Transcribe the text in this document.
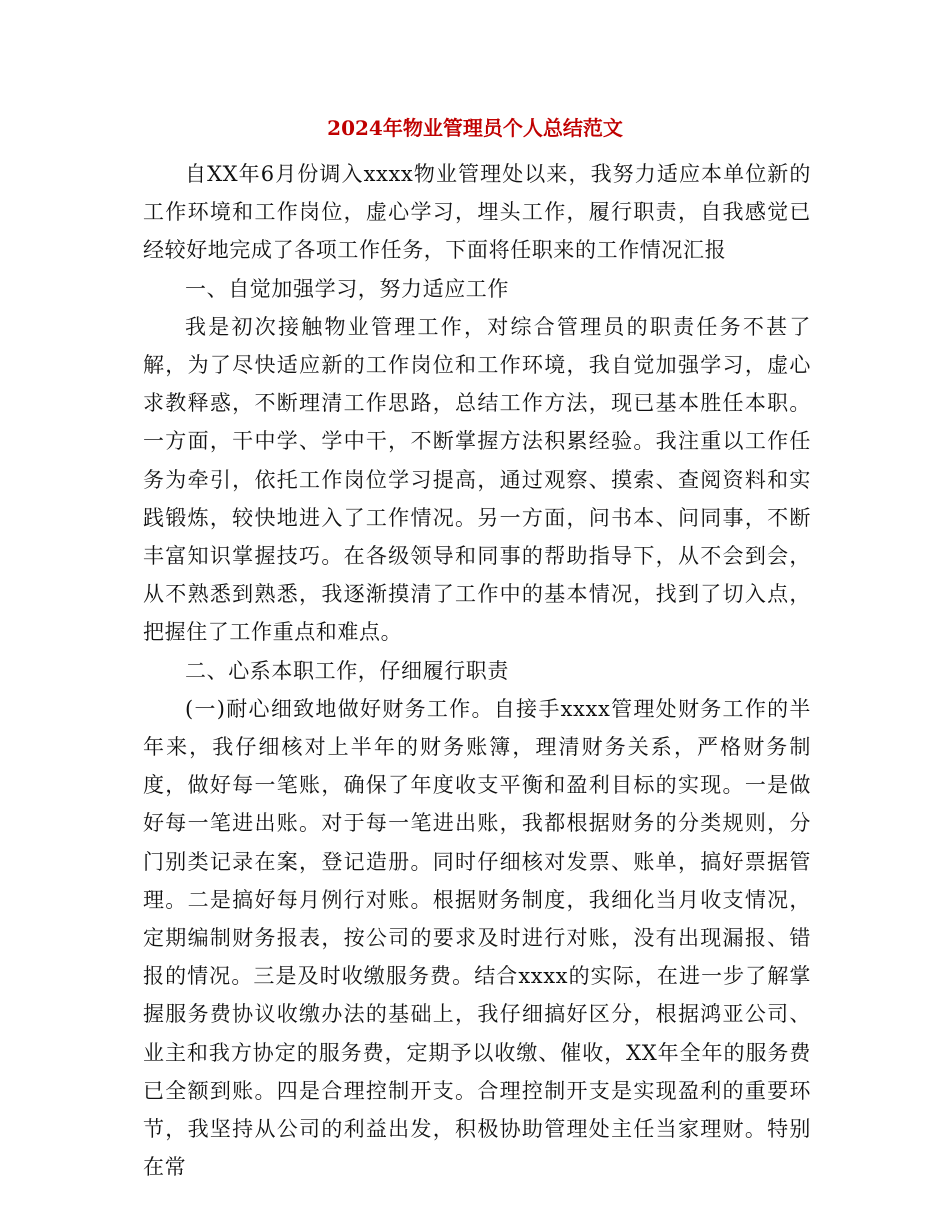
2024年物业管理员个人总结范文

自XX年6月份调入xxxx物业管理处以来，我努力适应本单位新的工作环境和工作岗位，虚心学习，埋头工作，履行职责，自我感觉已经较好地完成了各项工作任务，下面将任职来的工作情况汇报

一、自觉加强学习，努力适应工作

我是初次接触物业管理工作，对综合管理员的职责任务不甚了解，为了尽快适应新的工作岗位和工作环境，我自觉加强学习，虚心求教释惑，不断理清工作思路，总结工作方法，现已基本胜任本职。一方面，干中学、学中干，不断掌握方法积累经验。我注重以工作任务为牵引，依托工作岗位学习提高，通过观察、摸索、查阅资料和实践锻炼，较快地进入了工作情况。另一方面，问书本、问同事，不断丰富知识掌握技巧。在各级领导和同事的帮助指导下，从不会到会，从不熟悉到熟悉，我逐渐摸清了工作中的基本情况，找到了切入点，把握住了工作重点和难点。

二、心系本职工作，仔细履行职责

(一)耐心细致地做好财务工作。自接手xxxx管理处财务工作的半年来，我仔细核对上半年的财务账簿，理清财务关系，严格财务制度，做好每一笔账，确保了年度收支平衡和盈利目标的实现。一是做好每一笔进出账。对于每一笔进出账，我都根据财务的分类规则，分门别类记录在案，登记造册。同时仔细核对发票、账单，搞好票据管理。二是搞好每月例行对账。根据财务制度，我细化当月收支情况，定期编制财务报表，按公司的要求及时进行对账，没有出现漏报、错报的情况。三是及时收缴服务费。结合xxxx的实际，在进一步了解掌握服务费协议收缴办法的基础上，我仔细搞好区分，根据鸿亚公司、业主和我方协定的服务费，定期予以收缴、催收，XX年全年的服务费已全额到账。四是合理控制开支。合理控制开支是实现盈利的重要环节，我坚持从公司的利益出发，积极协助管理处主任当家理财。特别在常
